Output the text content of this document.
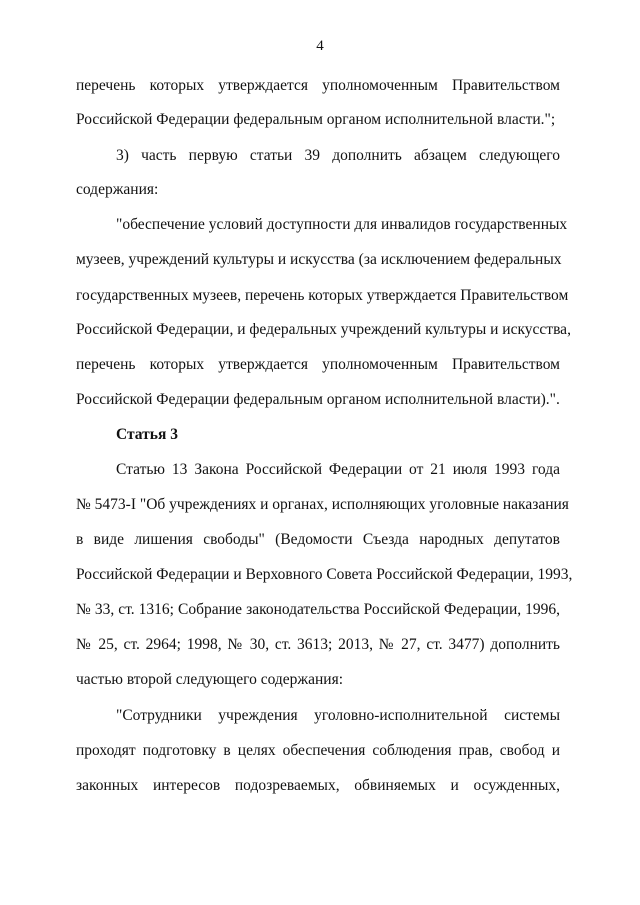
4
перечень которых утверждается уполномоченным Правительством
Российской Федерации федеральным органом исполнительной власти.";
3) часть первую статьи 39 дополнить абзацем следующего
содержания:
"обеспечение условий доступности для инвалидов государственных
музеев, учреждений культуры и искусства (за исключением федеральных
государственных музеев, перечень которых утверждается Правительством
Российской Федерации, и федеральных учреждений культуры и искусства,
перечень которых утверждается уполномоченным Правительством
Российской Федерации федеральным органом исполнительной власти).".
Статья 3
Статью 13 Закона Российской Федерации от 21 июля 1993 года
№ 5473-I "Об учреждениях и органах, исполняющих уголовные наказания
в виде лишения свободы" (Ведомости Съезда народных депутатов
Российской Федерации и Верховного Совета Российской Федерации, 1993,
№ 33, ст. 1316; Собрание законодательства Российской Федерации, 1996,
№ 25, ст. 2964; 1998, № 30, ст. 3613; 2013, № 27, ст. 3477) дополнить
частью второй следующего содержания:
"Сотрудники учреждения уголовно-исполнительной системы
проходят подготовку в целях обеспечения соблюдения прав, свобод и
законных интересов подозреваемых, обвиняемых и осужденных,
